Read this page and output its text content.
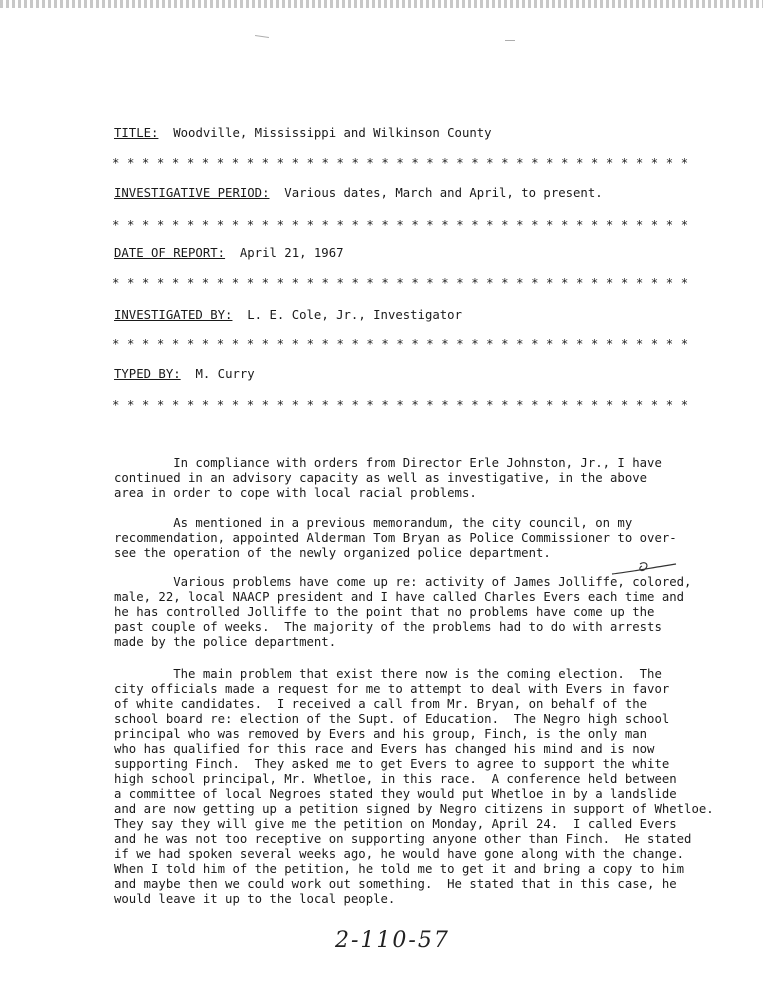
TITLE: Woodville, Mississippi and Wilkinson County
* * * * * * * * * * * * * * * * * * * * * * * * * * * * * * * * * * * * * * *
INVESTIGATIVE PERIOD: Various dates, March and April, to present.
* * * * * * * * * * * * * * * * * * * * * * * * * * * * * * * * * * * * * * *
DATE OF REPORT: April 21, 1967
* * * * * * * * * * * * * * * * * * * * * * * * * * * * * * * * * * * * * * *
INVESTIGATED BY: L. E. Cole, Jr., Investigator
* * * * * * * * * * * * * * * * * * * * * * * * * * * * * * * * * * * * * * *
TYPED BY: M. Curry
* * * * * * * * * * * * * * * * * * * * * * * * * * * * * * * * * * * * * * *
In compliance with orders from Director Erle Johnston, Jr., I have
continued in an advisory capacity as well as investigative, in the above
area in order to cope with local racial problems.
As mentioned in a previous memorandum, the city council, on my
recommendation, appointed Alderman Tom Bryan as Police Commissioner to over-
see the operation of the newly organized police department.
Various problems have come up re: activity of James Jolliffe, colored,
male, 22, local NAACP president and I have called Charles Evers each time and
he has controlled Jolliffe to the point that no problems have come up the
past couple of weeks.  The majority of the problems had to do with arrests
made by the police department.
The main problem that exist there now is the coming election.  The
city officials made a request for me to attempt to deal with Evers in favor
of white candidates.  I received a call from Mr. Bryan, on behalf of the
school board re: election of the Supt. of Education.  The Negro high school
principal who was removed by Evers and his group, Finch, is the only man
who has qualified for this race and Evers has changed his mind and is now
supporting Finch.  They asked me to get Evers to agree to support the white
high school principal, Mr. Whetloe, in this race.  A conference held between
a committee of local Negroes stated they would put Whetloe in by a landslide
and are now getting up a petition signed by Negro citizens in support of Whetloe.
They say they will give me the petition on Monday, April 24.  I called Evers
and he was not too receptive on supporting anyone other than Finch.  He stated
if we had spoken several weeks ago, he would have gone along with the change.
When I told him of the petition, he told me to get it and bring a copy to him
and maybe then we could work out something.  He stated that in this case, he
would leave it up to the local people.
2-110-57
